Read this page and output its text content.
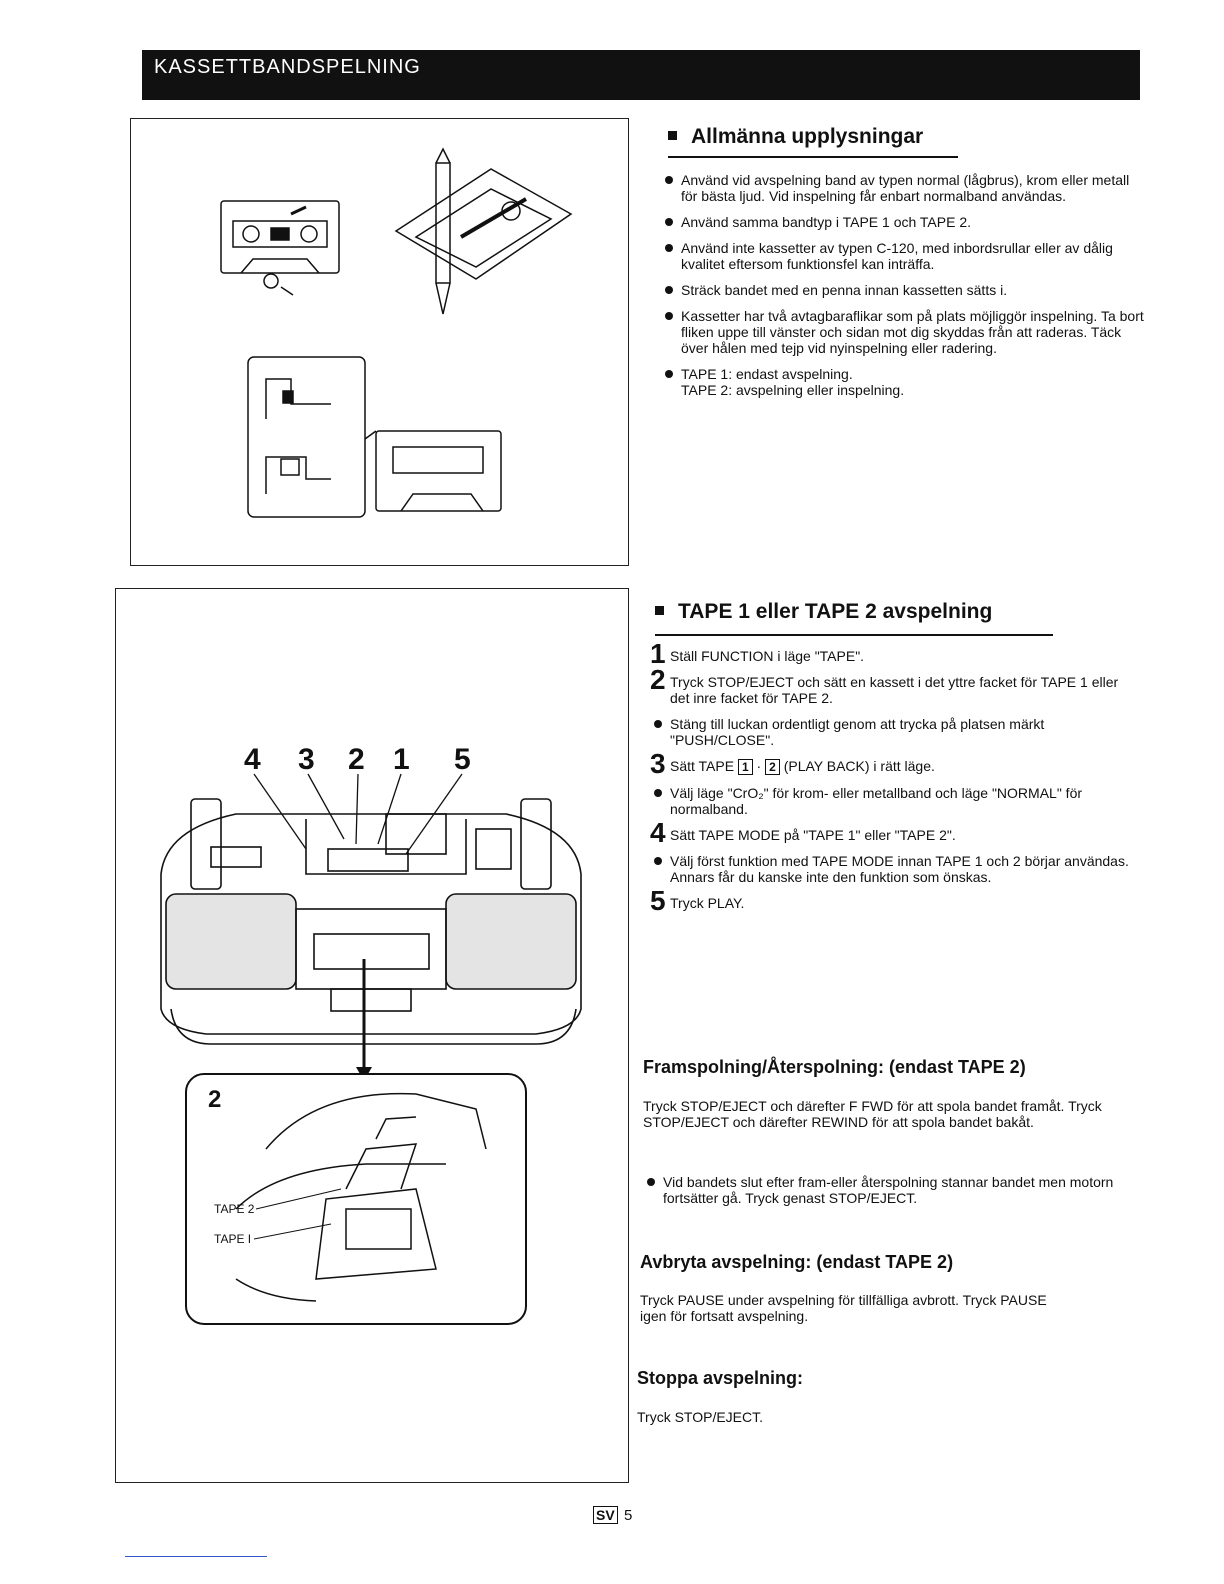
KASSETTBANDSPELNING
4 3 2 1 5
2
TAPE 2
TAPE I
Allmänna upplysningar
Använd vid avspelning band av typen normal (lågbrus), krom eller metall för bästa ljud. Vid inspelning får enbart normalband användas.
Använd samma bandtyp i TAPE 1 och TAPE 2.
Använd inte kassetter av typen C-120, med inbordsrullar eller av dålig kvalitet eftersom funktionsfel kan inträffa.
Sträck bandet med en penna innan kassetten sätts i.
Kassetter har två avtagbaraflikar som på plats möjliggör inspelning. Ta bort fliken uppe till vänster och sidan mot dig skyddas från att raderas. Täck över hålen med tejp vid nyinspelning eller radering.
TAPE 1: endast avspelning.
TAPE 2: avspelning eller inspelning.
TAPE 1 eller TAPE 2 avspelning
1 Ställ FUNCTION i läge "TAPE".
2 Tryck STOP/EJECT och sätt en kassett i det yttre facket för TAPE 1 eller det inre facket för TAPE 2.
Stäng till luckan ordentligt genom att trycka på platsen märkt "PUSH/CLOSE".
3 Sätt TAPE 1 · 2 (PLAY BACK) i rätt läge.
Välj läge "CrO₂" för krom- eller metallband och läge "NORMAL" för normalband.
4 Sätt TAPE MODE på "TAPE 1" eller "TAPE 2".
Välj först funktion med TAPE MODE innan TAPE 1 och 2 börjar användas. Annars får du kanske inte den funktion som önskas.
5 Tryck PLAY.
Framspolning/Återspolning: (endast TAPE 2)
Tryck STOP/EJECT och därefter F FWD för att spola bandet framåt. Tryck STOP/EJECT och därefter REWIND för att spola bandet bakåt.
Vid bandets slut efter fram-eller återspolning stannar bandet men motorn fortsätter gå. Tryck genast STOP/EJECT.
Avbryta avspelning: (endast TAPE 2)
Tryck PAUSE under avspelning för tillfälliga avbrott. Tryck PAUSE igen för fortsatt avspelning.
Stoppa avspelning:
Tryck STOP/EJECT.
SV 5
